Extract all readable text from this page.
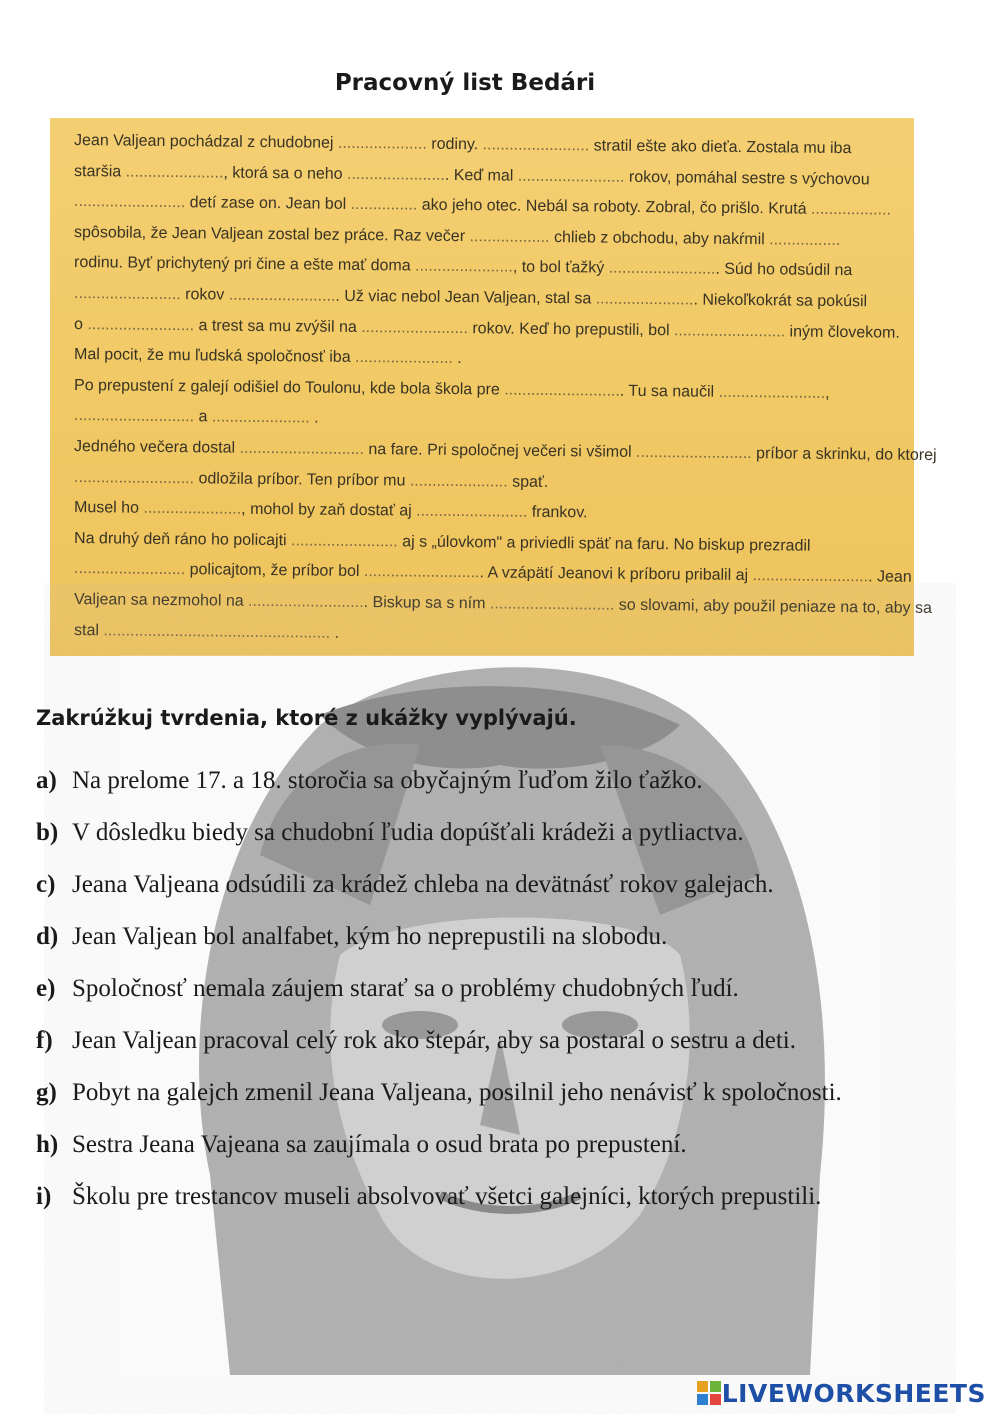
Pracovný list Bedári
Jean Valjean pochádzal z chudobnej .................... rodiny. ........................ stratil ešte ako dieťa. Zostala mu iba
staršia ......................, ktorá sa o neho ....................... Keď mal ........................ rokov, pomáhal sestre s výchovou
......................... detí zase on. Jean bol ............... ako jeho otec. Nebál sa roboty. Zobral, čo prišlo. Krutá ..................
spôsobila, že Jean Valjean zostal bez práce. Raz večer .................. chlieb z obchodu, aby nakŕmil ................
rodinu. Byť prichytený pri čine a ešte mať doma ......................, to bol ťažký ......................... Súd ho odsúdil na
........................ rokov ......................... Už viac nebol Jean Valjean, stal sa ....................... Niekoľkokrát sa pokúsil
o ........................ a trest sa mu zvýšil na ........................ rokov. Keď ho prepustili, bol ......................... iným človekom.
Mal pocit, že mu ľudská spoločnosť iba ...................... .
Po prepustení z galejí odišiel do Toulonu, kde bola škola pre ........................... Tu sa naučil ........................,
........................... a ...................... .
Jedného večera dostal ............................ na fare. Pri spoločnej večeri si všimol .......................... príbor a skrinku, do ktorej
........................... odložila príbor. Ten príbor mu ...................... spať.
Musel ho ......................, mohol by zaň dostať aj ......................... frankov.
Na druhý deň ráno ho policajti ........................ aj s „úlovkom" a priviedli späť na faru. No biskup prezradil
......................... policajtom, že príbor bol ........................... A vzápätí Jeanovi k príboru pribalil aj ........................... Jean
Valjean sa nezmohol na ........................... Biskup sa s ním ............................ so slovami, aby použil peniaze na to, aby sa
stal ................................................... .
Zakrúžkuj tvrdenia, ktoré z ukážky vyplývajú.
a) Na prelome 17. a 18. storočia sa obyčajným ľuďom žilo ťažko.
b) V dôsledku biedy sa chudobní ľudia dopúšťali krádeži a pytliactva.
c) Jeana Valjeana odsúdili za krádež chleba na devätnásť rokov galejach.
d) Jean Valjean bol analfabet, kým ho neprepustili na slobodu.
e) Spoločnosť nemala záujem starať sa o problémy chudobných ľudí.
f) Jean Valjean pracoval celý rok ako štepár, aby sa postaral o sestru a deti.
g) Pobyt na galejch zmenil Jeana Valjeana, posilnil jeho nenávisť k spoločnosti.
h) Sestra Jeana Vajeana sa zaujímala o osud brata po prepustení.
i) Školu pre trestancov museli absolvovať všetci galejníci, ktorých prepustili.
LIVEWORKSHEETS
